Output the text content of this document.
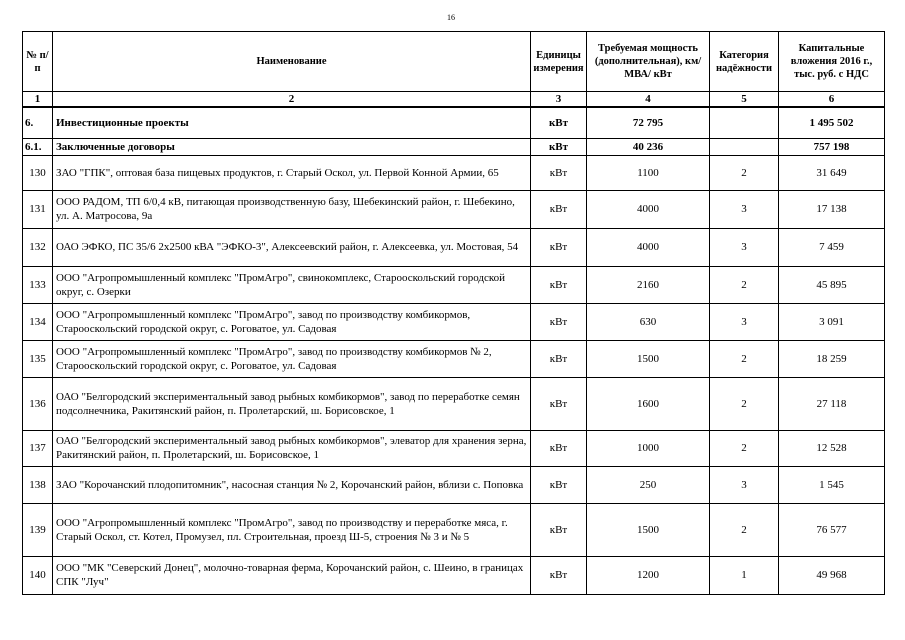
16
№ п/п	Наименование	Единицы измерения	Требуемая мощность (дополнительная), км/ МВА/ кВт	Категория надёжности	Капитальные вложения 2016 г., тыс. руб. с НДС
1	2	3	4	5	6
6.	Инвестиционные проекты	кВт	72 795		1 495 502
6.1.	Заключенные договоры	кВт	40 236		757 198
130	ЗАО "ГПК", оптовая база пищевых продуктов, г. Старый Оскол, ул. Первой Конной Армии, 65	кВт	1100	2	31 649
131	ООО РАДОМ, ТП 6/0,4 кВ, питающая производственную базу, Шебекинский район, г. Шебекино, ул. А. Матросова, 9а	кВт	4000	3	17 138
132	ОАО ЭФКО, ПС 35/6 2х2500 кВА "ЭФКО-3", Алексеевский район, г. Алексеевка, ул. Мостовая, 54	кВт	4000	3	7 459
133	ООО "Агропромышленный комплекс "ПромАгро", свинокомплекс, Старооскольский городской округ, с. Озерки	кВт	2160	2	45 895
134	ООО "Агропромышленный комплекс "ПромАгро", завод по производству комбикормов, Старооскольский городской округ, с. Роговатое, ул. Садовая	кВт	630	3	3 091
135	ООО "Агропромышленный комплекс "ПромАгро", завод по производству комбикормов № 2, Старооскольский городской округ, с. Роговатое, ул. Садовая	кВт	1500	2	18 259
136	ОАО "Белгородский экспериментальный завод рыбных комбикормов", завод по переработке семян подсолнечника, Ракитянский район, п. Пролетарский, ш. Борисовское, 1	кВт	1600	2	27 118
137	ОАО "Белгородский экспериментальный завод рыбных комбикормов", элеватор для хранения зерна, Ракитянский район, п. Пролетарский, ш. Борисовское, 1	кВт	1000	2	12 528
138	ЗАО "Корочанский плодопитомник", насосная станция № 2, Корочанский район, вблизи с. Поповка	кВт	250	3	1 545
139	ООО "Агропромышленный комплекс "ПромАгро", завод по производству и переработке мяса, г. Старый Оскол, ст. Котел, Промузел, пл. Строительная, проезд Ш-5, строения № 3 и № 5	кВт	1500	2	76 577
140	ООО "МК "Северский Донец", молочно-товарная ферма, Корочанский район, с. Шеино, в границах СПК "Луч"	кВт	1200	1	49 968
